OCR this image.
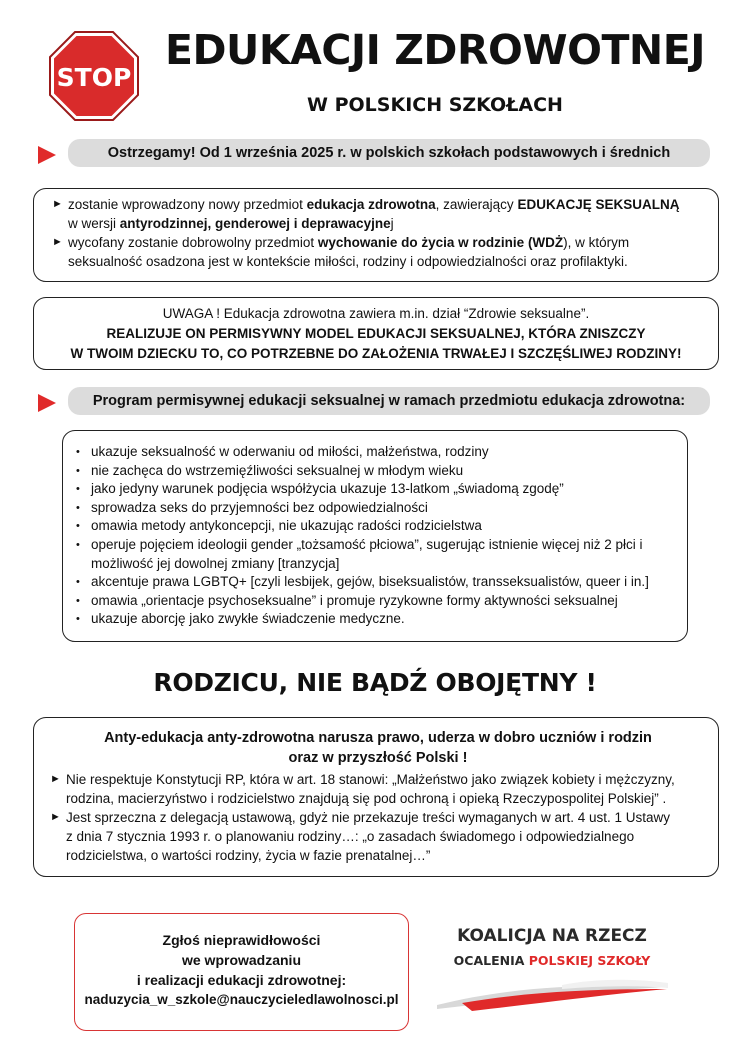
STOP
EDUKACJI ZDROWOTNEJ
W POLSKICH SZKOŁACH
Ostrzegamy! Od 1 września 2025 r. w polskich szkołach podstawowych i średnich
► zostanie wprowadzony nowy przedmiot edukacja zdrowotna, zawierający EDUKACJĘ SEKSUALNĄ
w wersji antyrodzinnej, genderowej i deprawacyjnej
► wycofany zostanie dobrowolny przedmiot wychowanie do życia w rodzinie (WDŻ), w którym
seksualność osadzona jest w kontekście miłości, rodziny i odpowiedzialności oraz profilaktyki.
UWAGA ! Edukacja zdrowotna zawiera m.in. dział “Zdrowie seksualne”.
REALIZUJE ON PERMISYWNY MODEL EDUKACJI SEKSUALNEJ, KTÓRA ZNISZCZY
W TWOIM DZIECKU TO, CO POTRZEBNE DO ZAŁOŻENIA TRWAŁEJ I SZCZĘŚLIWEJ RODZINY!
Program permisywnej edukacji seksualnej w ramach przedmiotu edukacja zdrowotna:
• ukazuje seksualność w oderwaniu od miłości, małżeństwa, rodziny
• nie zachęca do wstrzemięźliwości seksualnej w młodym wieku
• jako jedyny warunek podjęcia współżycia ukazuje 13-latkom „świadomą zgodę”
• sprowadza seks do przyjemności bez odpowiedzialności
• omawia metody antykoncepcji, nie ukazując radości rodzicielstwa
• operuje pojęciem ideologii gender „tożsamość płciowa”, sugerując istnienie więcej niż 2 płci i
możliwość jej dowolnej zmiany [tranzycja]
• akcentuje prawa LGBTQ+ [czyli lesbijek, gejów, biseksualistów, transseksualistów, queer i in.]
• omawia „orientacje psychoseksualne” i promuje ryzykowne formy aktywności seksualnej
• ukazuje aborcję jako zwykłe świadczenie medyczne.
RODZICU, NIE BĄDŹ OBOJĘTNY !
Anty-edukacja anty-zdrowotna narusza prawo, uderza w dobro uczniów i rodzin
oraz w przyszłość Polski !
► Nie respektuje Konstytucji RP, która w art. 18 stanowi: „Małżeństwo jako związek kobiety i mężczyzny,
rodzina, macierzyństwo i rodzicielstwo znajdują się pod ochroną i opieką Rzeczypospolitej Polskiej” .
► Jest sprzeczna z delegacją ustawową, gdyż nie przekazuje treści wymaganych w art. 4 ust. 1 Ustawy
z dnia 7 stycznia 1993 r. o planowaniu rodziny…: „o zasadach świadomego i odpowiedzialnego
rodzicielstwa, o wartości rodziny, życia w fazie prenatalnej…”
Zgłoś nieprawidłowości
we wprowadzaniu
i realizacji edukacji zdrowotnej:
naduzycia_w_szkole@nauczycieledlawolnosci.pl
KOALICJA NA RZECZ
OCALENIA POLSKIEJ SZKOŁY
